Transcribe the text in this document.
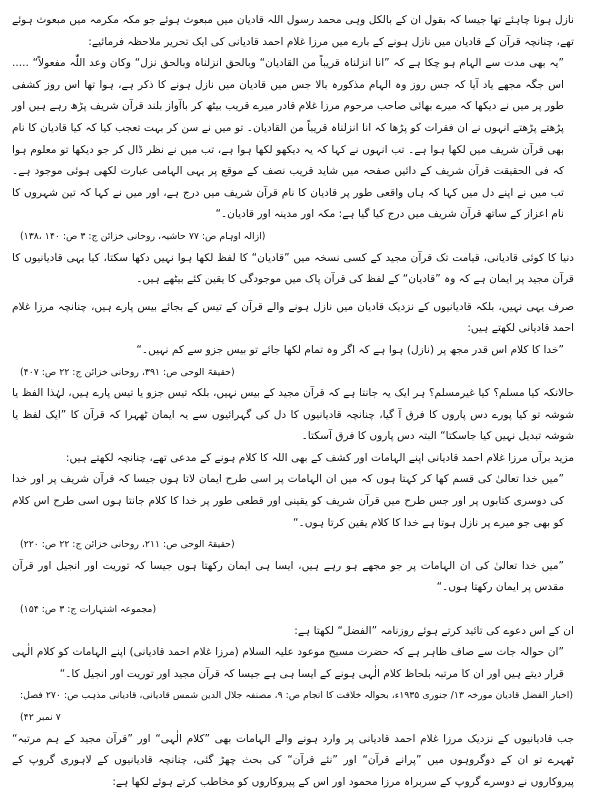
نازل ہونا چاہئے تھا جیسا کہ بقول ان کے بالکل وہی محمد رسول اللہ قادیان میں مبعوث ہوئے جو مکہ مکرمہ میں مبعوث ہوئے تھے، چنانچہ قرآن کے قادیان میں نازل ہونے کے بارے میں مرزا غلام احمد قادیانی کی ایک تحریر ملاحظہ فرمائیے:

”یہ بھی مدت سے الہام ہو چکا ہے کہ ”انا انزلناہ قریباً من القادیان“ وبالحق انزلناہ وبالحق نزل“ وکان وعد اللّٰہ مفعولاً“ ..... اس جگہ مجھے یاد آیا کہ جس روز وہ الہام مذکورہ بالا جس میں قادیان میں نازل ہونے کا ذکر ہے، ہوا تھا اس روز کشفی طور پر میں نے دیکھا کہ میرے بھائی صاحب مرحوم مرزا غلام قادر میرے قریب بیٹھ کر باآواز بلند قرآن شریف پڑھ رہے ہیں اور پڑھتے پڑھتے انہوں نے ان فقرات کو پڑھا کہ انا انزلناہ قریباً من القادیان۔ تو میں نے سن کر بہت تعجب کیا کہ کیا قادیان کا نام بھی قرآن شریف میں لکھا ہوا ہے۔ تب انہوں نے کہا کہ یہ دیکھو لکھا ہوا ہے، تب میں نے نظر ڈال کر جو دیکھا تو معلوم ہوا کہ فی الحقیقت قرآن شریف کے دائیں صفحہ میں شاید قریب نصف کے موقع پر یہی الہامی عبارت لکھی ہوئی موجود ہے۔ تب میں نے اپنے دل میں کہا کہ ہاں واقعی طور پر قادیان کا نام قرآن شریف میں درج ہے، اور میں نے کہا کہ تین شہروں کا نام اعزاز کے ساتھ قرآن شریف میں درج کیا گیا ہے: مکہ اور مدینہ اور قادیان۔“

(ازالہ اوہام ص: ۷۷ حاشیہ، روحانی خزائن ج: ۳ ص: ۱۴۰ ،۱۳۸)

دنیا کا کوئی قادیانی، قیامت تک قرآن مجید کے کسی نسخہ میں ”قادیان“ کا لفظ لکھا ہوا نہیں دکھا سکتا، کیا یہی قادیانیوں کا قرآن مجید پر ایمان ہے کہ وہ ”قادیان“ کے لفظ کی قرآن پاک میں موجودگی کا یقین کئے بیٹھے ہیں۔

صرف یہی نہیں، بلکہ قادیانیوں کے نزدیک قادیان میں نازل ہونے والے قرآن کے تیس کے بجائے بیس پارے ہیں، چنانچہ مرزا غلام احمد قادیانی لکھتے ہیں:

”خدا کا کلام اس قدر مجھ پر (نازل) ہوا ہے کہ اگر وہ تمام لکھا جائے تو بیس جزو سے کم نہیں۔“

(حقیقۃ الوحی ص: ۳۹۱، روحانی خزائن ج: ۲۲ ص: ۴۰۷)

حالانکہ کیا مسلم؟ کیا غیرمسلم؟ ہر ایک یہ جانتا ہے کہ قرآن مجید کے بیس نہیں، بلکہ تیس جزو یا تیس پارے ہیں، لہٰذا الفظ یا شوشہ تو کیا پورے دس پاروں کا فرق آ گیا، چنانچہ قادیانیوں کا دل کی گہرائیوں سے یہ ایمان ٹھہرا کہ قرآن کا ”ایک لفظ یا شوشہ تبدیل نہیں کیا جاسکتا“ البتہ دس پاروں کا فرق آسکتا۔

مزید برآں مرزا غلام احمد قادیانی اپنے الہامات اور کشف کے بھی اللہ کا کلام ہونے کے مدعی تھے، چنانچہ لکھتے ہیں:

”میں خدا تعالیٰ کی قسم کھا کر کہتا ہوں کہ میں ان الہامات پر اسی طرح ایمان لاتا ہوں جیسا کہ قرآن شریف پر اور خدا کی دوسری کتابوں پر اور جس طرح میں قرآن شریف کو یقینی اور قطعی طور پر خدا کا کلام جانتا ہوں اسی طرح اس کلام کو بھی جو میرے پر نازل ہوتا ہے خدا کا کلام یقین کرتا ہوں۔“

(حقیقۃ الوحی ص: ۲۱۱، روحانی خزائن ج: ۲۲ ص: ۲۲۰)

”میں خدا تعالیٰ کی ان الہامات پر جو مجھے ہو رہے ہیں، ایسا ہی ایمان رکھتا ہوں جیسا کہ توریت اور انجیل اور قرآن مقدس پر ایمان رکھتا ہوں۔“

(مجموعہ اشتہارات ج: ۳ ص: ۱۵۴)

ان کے اس دعوے کی تائید کرتے ہوئے روزنامہ ”الفضل“ لکھتا ہے:

”ان حوالہ جات سے صاف ظاہر ہے کہ حضرت مسیح موعود علیہ السلام (مرزا غلام احمد قادیانی) اپنے الہامات کو کلام الٰہی قرار دیتے ہیں اور ان کا مرتبہ بلحاظ کلام الٰہی ہونے کے ایسا ہی ہے جیسا کہ قرآن مجید اور توریت اور انجیل کا۔“

(اخبار الفضل قادیان مورخہ ۱۳/ جنوری ۱۹۳۵ء، بحوالہ خلافت کا انجام ص: ۹، مصنفہ جلال الدین شمس قادیانی، قادیانی مذہب ص: ۲۷۰ فصل: ۷ نمبر ۴۲)

جب قادیانیوں کے نزدیک مرزا غلام احمد قادیانی پر وارد ہونے والے الہامات بھی ”کلام الٰہی“ اور ”قرآن مجید کے ہم مرتبہ“ ٹھہرے تو ان کے دوگروہوں میں ”پرانے قرآن“ اور ”نئے قرآن“ کی بحث چھڑ گئی، چنانچہ قادیانیوں کے لاہوری گروپ کے پیروکاروں نے دوسرے گروپ کے سربراہ مرزا محمود اور اس کے پیروکاروں کو مخاطب کرتے ہوئے لکھا ہے:
